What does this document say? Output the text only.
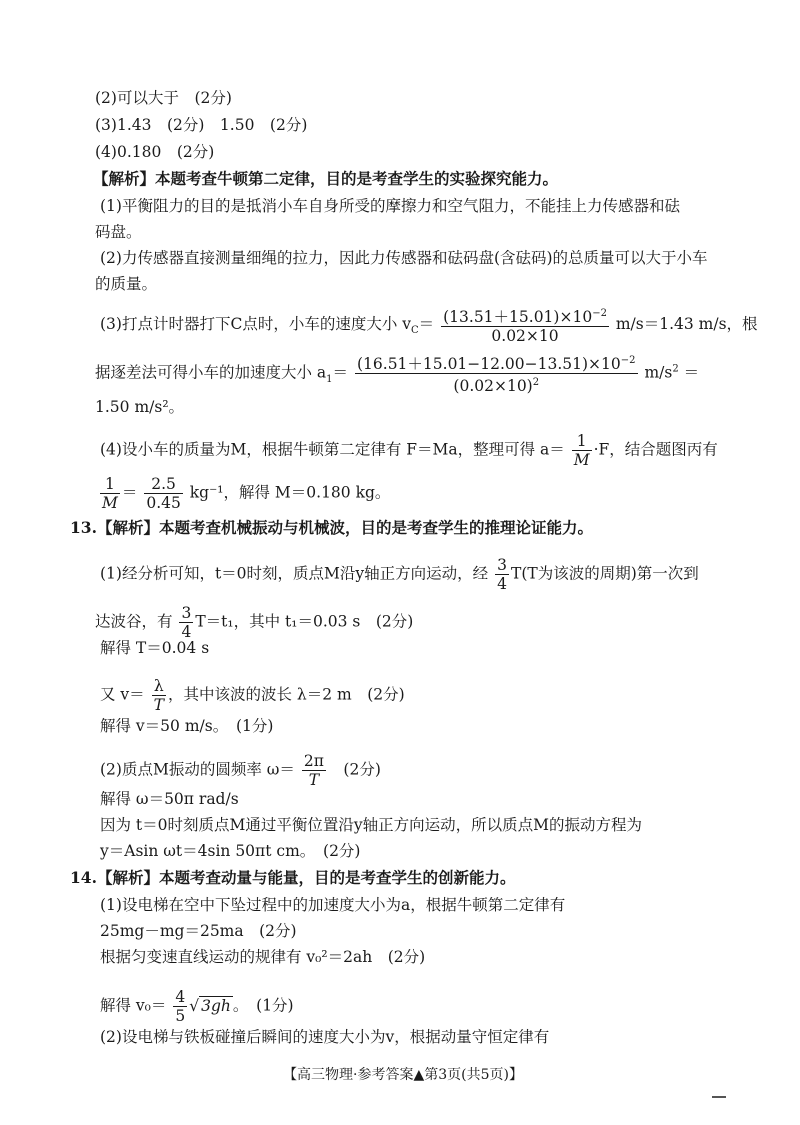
(2)可以大于　(2分)
(3)1.43　(2分)　1.50　(2分)
(4)0.180　(2分)
【解析】本题考查牛顿第二定律，目的是考查学生的实验探究能力。
(1)平衡阻力的目的是抵消小车自身所受的摩擦力和空气阻力，不能挂上力传感器和砝
码盘。
(2)力传感器直接测量细绳的拉力，因此力传感器和砝码盘(含砝码)的总质量可以大于小车
的质量。
(3)打点计时器打下C点时，小车的速度大小 $v_C= \frac{(13.51+15.01)\times 10^{-2}}{0.02\times 10} m/s=1.43$ m/s，根
据逐差法可得小车的加速度大小 $a_1= \frac{(16.51+15.01-12.00-13.51)\times 10^{-2}}{(0.02\times 10)^2} m/s^2$ ＝
1.50 m/s²。
(4)设小车的质量为M，根据牛顿第二定律有 F＝Ma，整理可得 $a= \frac{1}{M} \cdot F$，结合题图丙有
$\frac{1}{M} = \frac{2.5}{0.45} kg^{-1}$，解得 M＝0.180 kg。
13.【解析】本题考查机械振动与机械波，目的是考查学生的推理论证能力。
(1)经分析可知，t＝0时刻，质点M沿y轴正方向运动，经 $\frac{3}{4} T(T$为该波的周期)第一次到
达波谷，有 $\frac{3}{4} T=t_1$，其中 t₁＝0.03 s　(2分)
解得 T＝0.04 s
又 $v= \frac{\lambda}{T}$ ，其中该波的波长 λ＝2 m　(2分)
解得 v＝50 m/s。　(1分)
(2)质点M振动的圆频率 $\omega= \frac{2\pi}{T}$ 　(2分)
解得 ω＝50π rad/s
因为 t＝0时刻质点M通过平衡位置沿y轴正方向运动，所以质点M的振动方程为
y＝Asin ωt＝4sin 50πt cm。　(2分)
14.【解析】本题考查动量与能量，目的是考查学生的创新能力。
(1)设电梯在空中下坠过程中的加速度大小为a，根据牛顿第二定律有
25mg－mg＝25ma　(2分)
根据匀变速直线运动的规律有 v₀²＝2ah　(2分)
解得 $v_0= \frac{4}{5}$ √ 3gh 。　(1分)
(2)设电梯与铁板碰撞后瞬间的速度大小为v，根据动量守恒定律有
【高三物理·参考答案▲第3页(共5页)】
